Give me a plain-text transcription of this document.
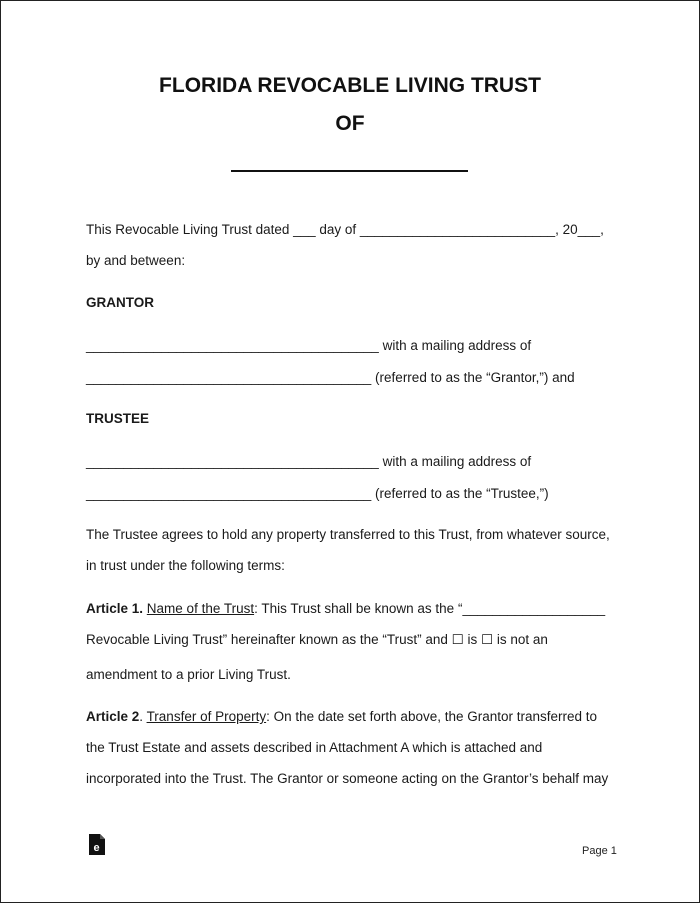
FLORIDA REVOCABLE LIVING TRUST
OF
This Revocable Living Trust dated ___ day of __________________________, 20___,
by and between:
GRANTOR
_______________________________________ with a mailing address of
______________________________________ (referred to as the “Grantor,”) and
TRUSTEE
_______________________________________ with a mailing address of
______________________________________ (referred to as the “Trustee,”)
The Trustee agrees to hold any property transferred to this Trust, from whatever source,
in trust under the following terms:
Article 1. Name of the Trust: This Trust shall be known as the “___________________
Revocable Living Trust” hereinafter known as the “Trust” and ☐ is ☐ is not an
amendment to a prior Living Trust.
Article 2. Transfer of Property: On the date set forth above, the Grantor transferred to
the Trust Estate and assets described in Attachment A which is attached and
incorporated into the Trust. The Grantor or someone acting on the Grantor’s behalf may
e	Page 1
